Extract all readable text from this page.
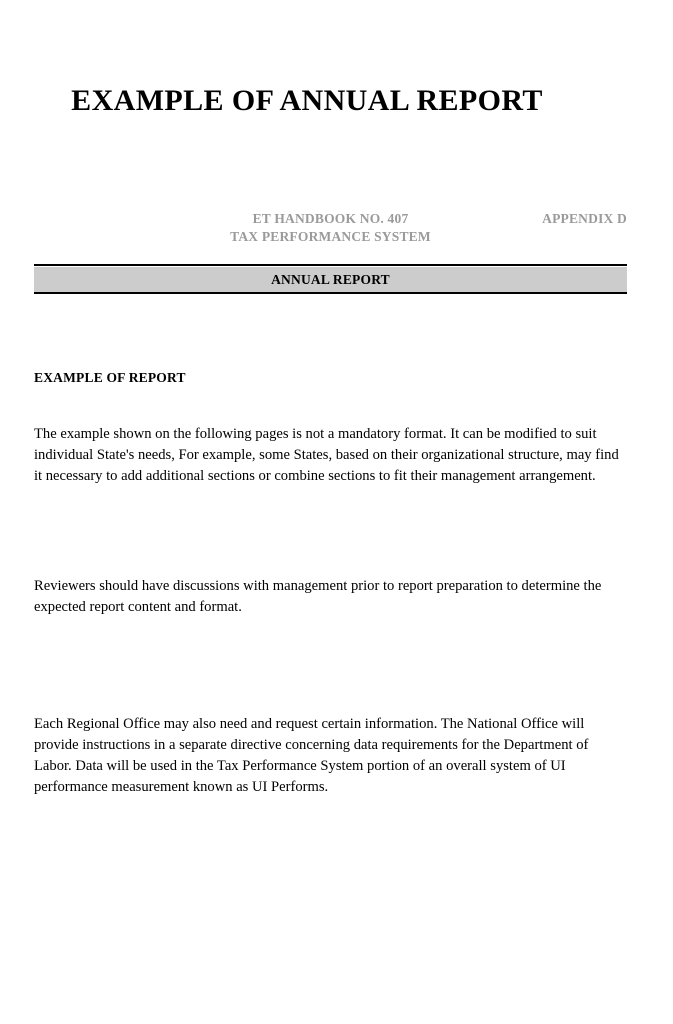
EXAMPLE OF ANNUAL REPORT
ET HANDBOOK NO. 407	APPENDIX D
TAX PERFORMANCE SYSTEM
ANNUAL REPORT
EXAMPLE OF REPORT
The example shown on the following pages is not a mandatory format. It can be modified to suit individual State's needs, For example, some States, based on their organizational structure, may find it necessary to add additional sections or combine sections to fit their management arrangement.
Reviewers should have discussions with management prior to report preparation to determine the expected report content and format.
Each Regional Office may also need and request certain information. The National Office will provide instructions in a separate directive concerning data requirements for the Department of Labor. Data will be used in the Tax Performance System portion of an overall system of UI performance measurement known as UI Performs.
